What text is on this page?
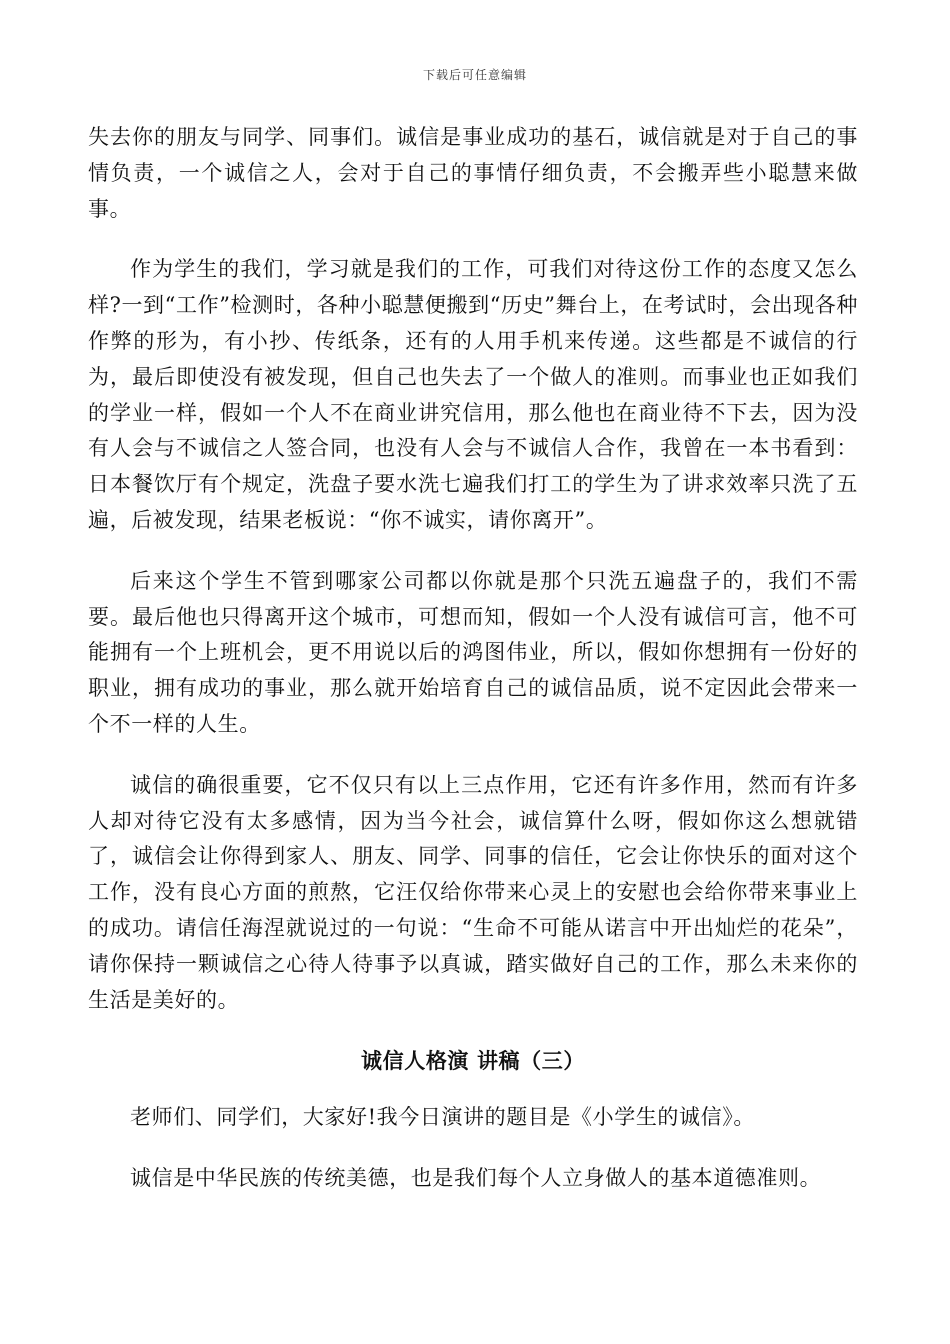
下载后可任意编辑

失去你的朋友与同学、同事们。诚信是事业成功的基石，诚信就是对于自己的事情负责，一个诚信之人，会对于自己的事情仔细负责，不会搬弄些小聪慧来做事。

作为学生的我们，学习就是我们的工作，可我们对待这份工作的态度又怎么样?一到“工作”检测时，各种小聪慧便搬到“历史”舞台上，在考试时，会出现各种作弊的形为，有小抄、传纸条，还有的人用手机来传递。这些都是不诚信的行为，最后即使没有被发现，但自己也失去了一个做人的准则。而事业也正如我们的学业一样，假如一个人不在商业讲究信用，那么他也在商业待不下去，因为没有人会与不诚信之人签合同，也没有人会与不诚信人合作，我曾在一本书看到：日本餐饮厅有个规定，洗盘子要水洗七遍我们打工的学生为了讲求效率只洗了五遍，后被发现，结果老板说：“你不诚实，请你离开”。

后来这个学生不管到哪家公司都以你就是那个只洗五遍盘子的，我们不需要。最后他也只得离开这个城市，可想而知，假如一个人没有诚信可言，他不可能拥有一个上班机会，更不用说以后的鸿图伟业，所以，假如你想拥有一份好的职业，拥有成功的事业，那么就开始培育自己的诚信品质，说不定因此会带来一个不一样的人生。

诚信的确很重要，它不仅只有以上三点作用，它还有许多作用，然而有许多人却对待它没有太多感情，因为当今社会，诚信算什么呀，假如你这么想就错了，诚信会让你得到家人、朋友、同学、同事的信任，它会让你快乐的面对这个工作，没有良心方面的煎熬，它汪仅给你带来心灵上的安慰也会给你带来事业上的成功。请信任海涅就说过的一句说：“生命不可能从诺言中开出灿烂的花朵”，请你保持一颗诚信之心待人待事予以真诚，踏实做好自己的工作，那么未来你的生活是美好的。

诚信人格演 讲稿（三）

老师们、同学们，大家好!我今日演讲的题目是《小学生的诚信》。

诚信是中华民族的传统美德，也是我们每个人立身做人的基本道德准则。
